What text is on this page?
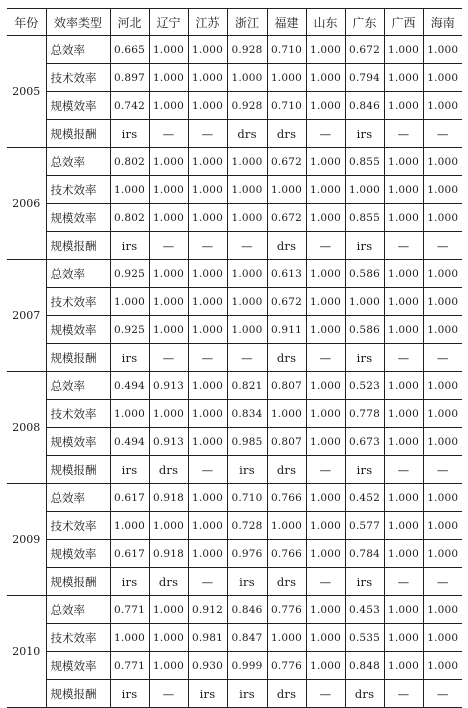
年份	效率类型	河北	辽宁	江苏	浙江	福建	山东	广东	广西	海南
2005	总效率	0.665	1.000	1.000	0.928	0.710	1.000	0.672	1.000	1.000
	技术效率	0.897	1.000	1.000	1.000	1.000	1.000	0.794	1.000	1.000
	规模效率	0.742	1.000	1.000	0.928	0.710	1.000	0.846	1.000	1.000
	规模报酬	irs	—	—	drs	drs	—	irs	—	—
2006	总效率	0.802	1.000	1.000	1.000	0.672	1.000	0.855	1.000	1.000
	技术效率	1.000	1.000	1.000	1.000	1.000	1.000	1.000	1.000	1.000
	规模效率	0.802	1.000	1.000	1.000	0.672	1.000	0.855	1.000	1.000
	规模报酬	irs	—	—	—	drs	—	irs	—	—
2007	总效率	0.925	1.000	1.000	1.000	0.613	1.000	0.586	1.000	1.000
	技术效率	1.000	1.000	1.000	1.000	0.672	1.000	1.000	1.000	1.000
	规模效率	0.925	1.000	1.000	1.000	0.911	1.000	0.586	1.000	1.000
	规模报酬	irs	—	—	—	drs	—	irs	—	—
2008	总效率	0.494	0.913	1.000	0.821	0.807	1.000	0.523	1.000	1.000
	技术效率	1.000	1.000	1.000	0.834	1.000	1.000	0.778	1.000	1.000
	规模效率	0.494	0.913	1.000	0.985	0.807	1.000	0.673	1.000	1.000
	规模报酬	irs	drs	—	irs	drs	—	irs	—	—
2009	总效率	0.617	0.918	1.000	0.710	0.766	1.000	0.452	1.000	1.000
	技术效率	1.000	1.000	1.000	0.728	1.000	1.000	0.577	1.000	1.000
	规模效率	0.617	0.918	1.000	0.976	0.766	1.000	0.784	1.000	1.000
	规模报酬	irs	drs	—	irs	drs	—	irs	—	—
2010	总效率	0.771	1.000	0.912	0.846	0.776	1.000	0.453	1.000	1.000
	技术效率	1.000	1.000	0.981	0.847	1.000	1.000	0.535	1.000	1.000
	规模效率	0.771	1.000	0.930	0.999	0.776	1.000	0.848	1.000	1.000
	规模报酬	irs	—	irs	irs	drs	—	drs	—	—
